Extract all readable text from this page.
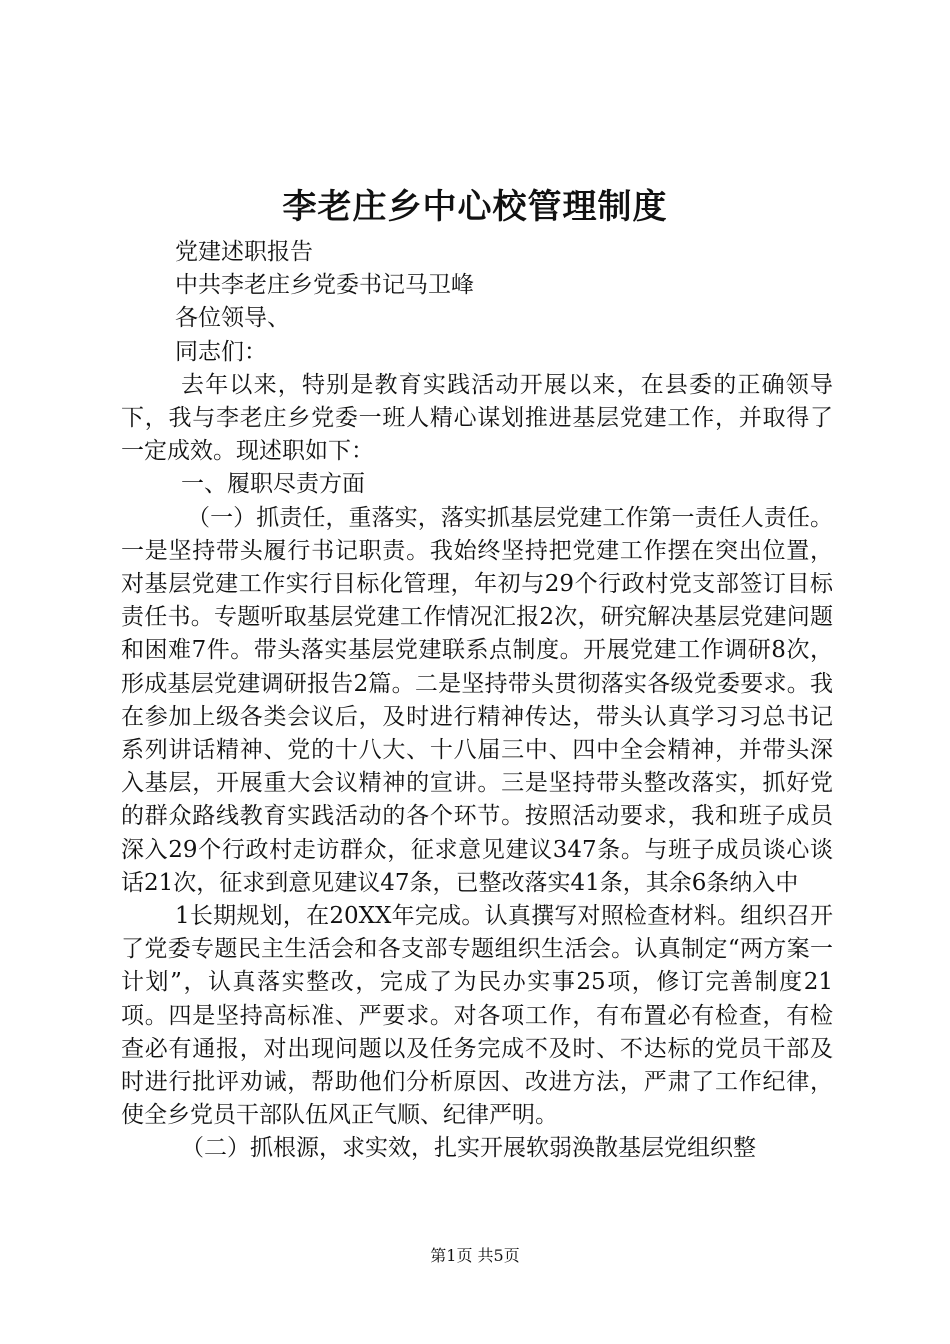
李老庄乡中心校管理制度

党建述职报告

中共李老庄乡党委书记马卫峰

各位领导、

同志们：

去年以来，特别是教育实践活动开展以来，在县委的正确领导下，我与李老庄乡党委一班人精心谋划推进基层党建工作，并取得了一定成效。现述职如下：

一、履职尽责方面

（一）抓责任，重落实，落实抓基层党建工作第一责任人责任。一是坚持带头履行书记职责。我始终坚持把党建工作摆在突出位置，对基层党建工作实行目标化管理，年初与29个行政村党支部签订目标责任书。专题听取基层党建工作情况汇报2次，研究解决基层党建问题和困难7件。带头落实基层党建联系点制度。开展党建工作调研8次，形成基层党建调研报告2篇。二是坚持带头贯彻落实各级党委要求。我在参加上级各类会议后，及时进行精神传达，带头认真学习习总书记系列讲话精神、党的十八大、十八届三中、四中全会精神，并带头深入基层，开展重大会议精神的宣讲。三是坚持带头整改落实，抓好党的群众路线教育实践活动的各个环节。按照活动要求，我和班子成员深入29个行政村走访群众，征求意见建议347条。与班子成员谈心谈话21次，征求到意见建议47条，已整改落实41条，其余6条纳入中

1长期规划，在20XX年完成。认真撰写对照检查材料。组织召开了党委专题民主生活会和各支部专题组织生活会。认真制定“两方案一计划”，认真落实整改，完成了为民办实事25项，修订完善制度21项。四是坚持高标准、严要求。对各项工作，有布置必有检查，有检查必有通报，对出现问题以及任务完成不及时、不达标的党员干部及时进行批评劝诫，帮助他们分析原因、改进方法，严肃了工作纪律，使全乡党员干部队伍风正气顺、纪律严明。

（二）抓根源，求实效，扎实开展软弱涣散基层党组织整

第1页 共5页
